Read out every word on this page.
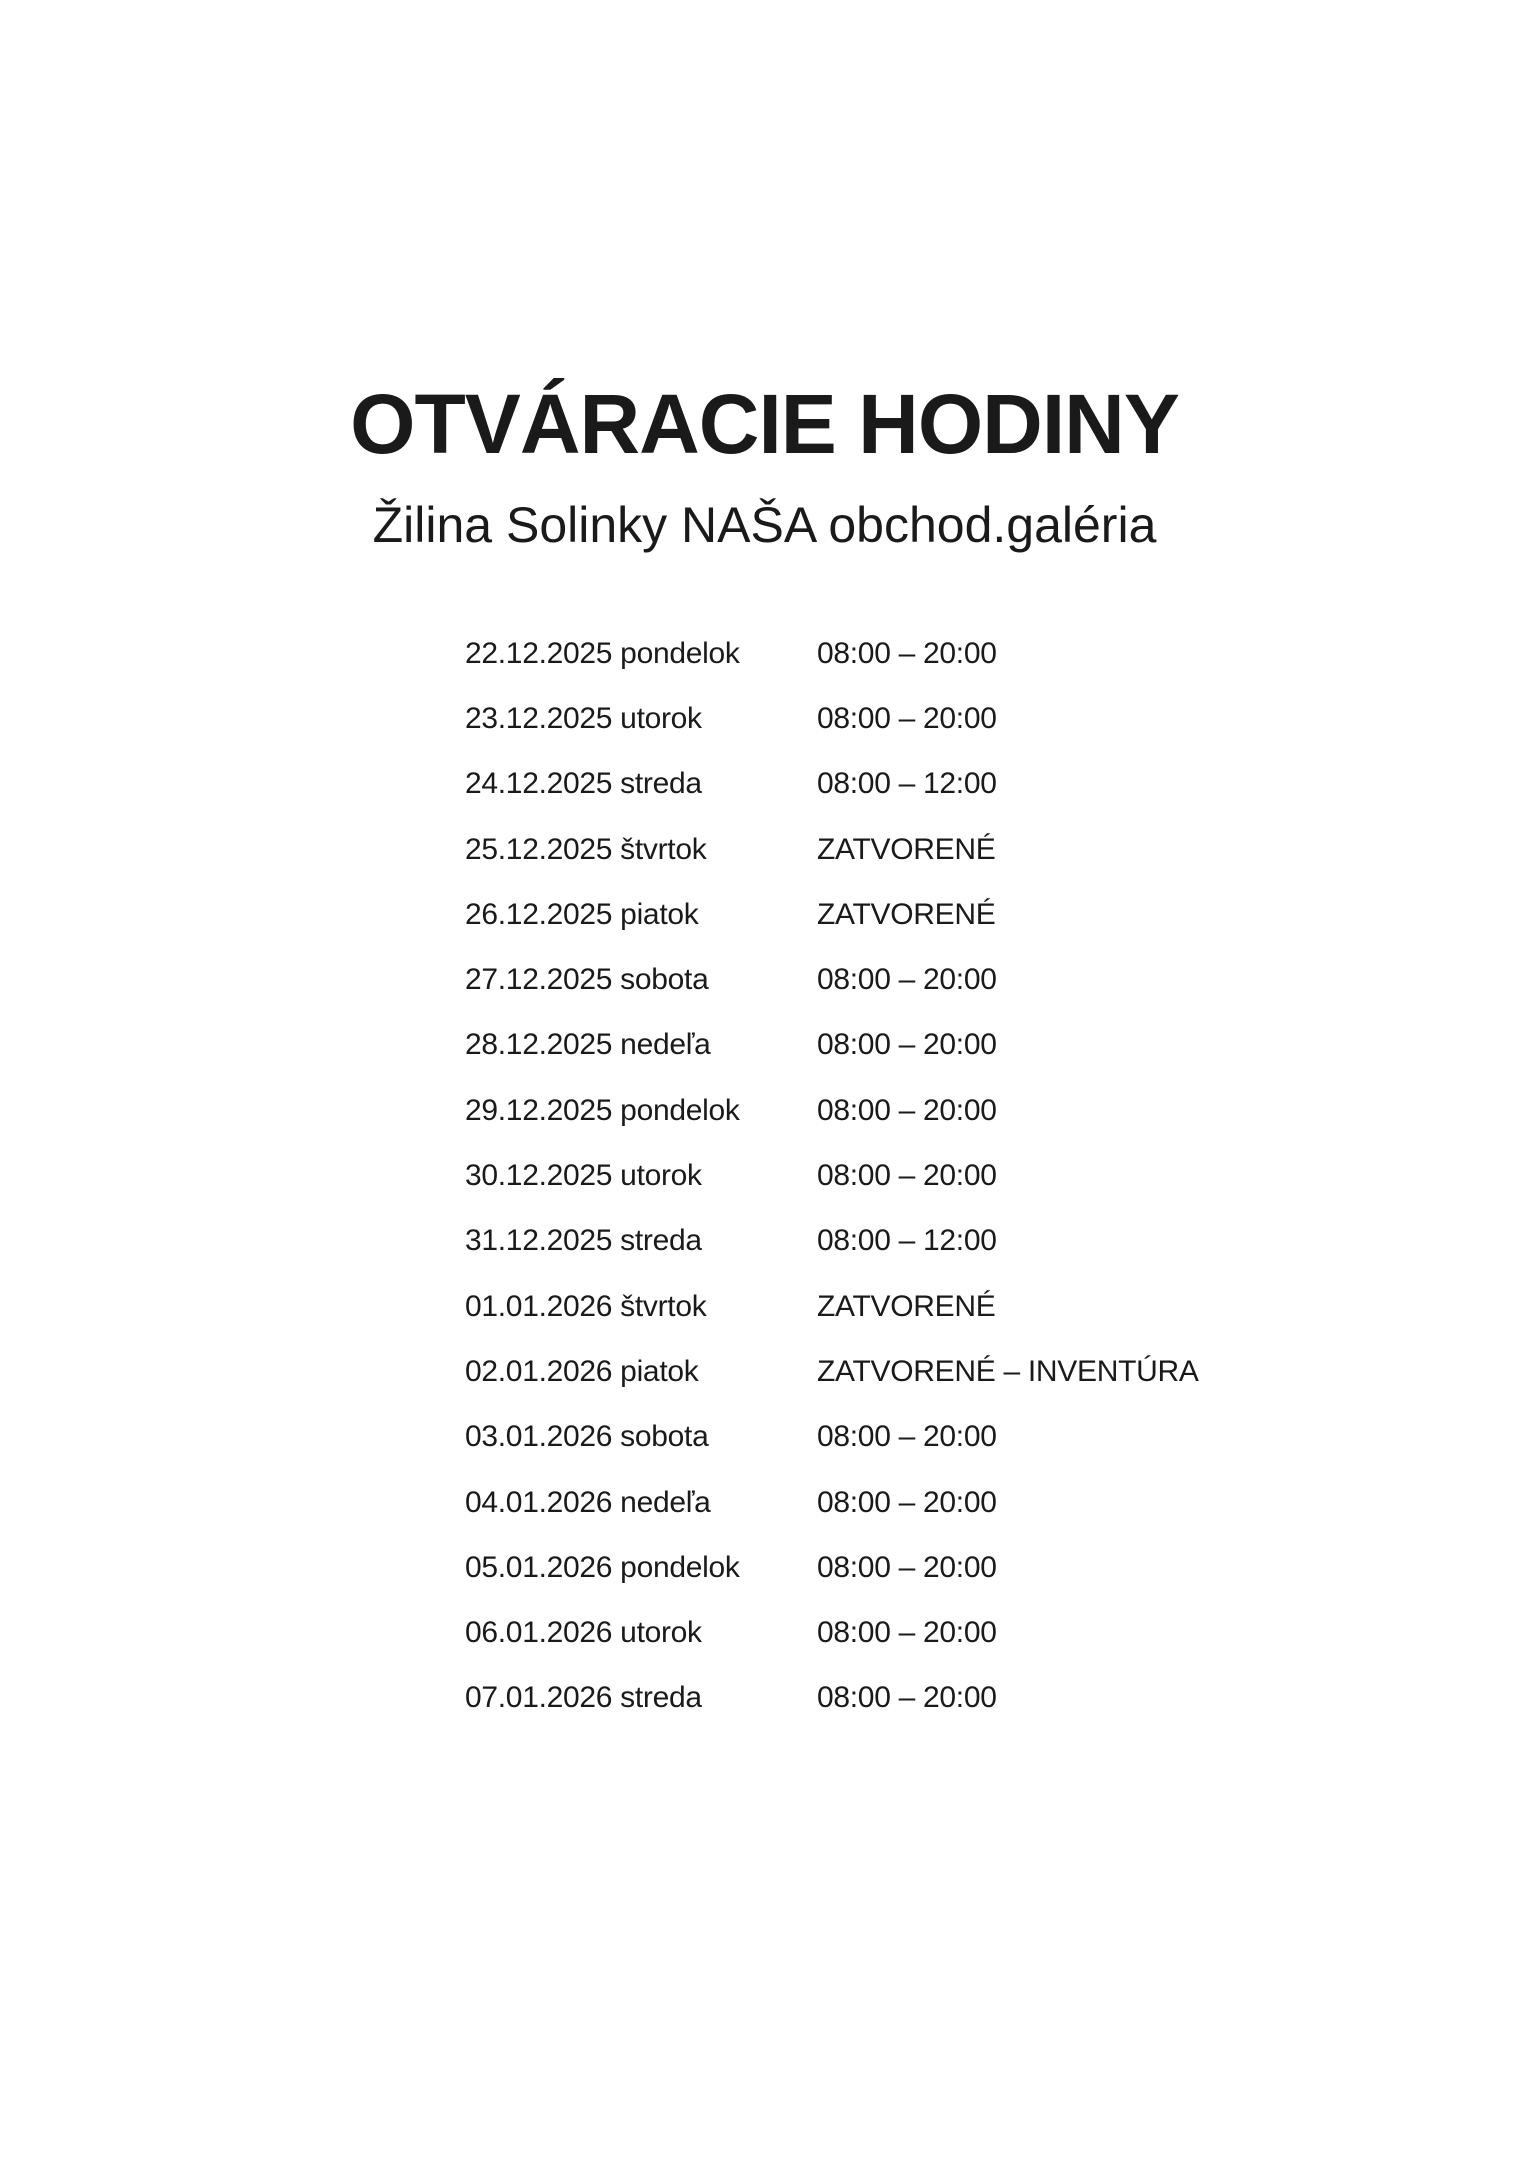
OTVÁRACIE HODINY
Žilina Solinky NAŠA obchod.galéria
22.12.2025 pondelok	08:00 – 20:00
23.12.2025 utorok	08:00 – 20:00
24.12.2025 streda	08:00 – 12:00
25.12.2025 štvrtok	ZATVORENÉ
26.12.2025 piatok	ZATVORENÉ
27.12.2025 sobota	08:00 – 20:00
28.12.2025 nedeľa	08:00 – 20:00
29.12.2025 pondelok	08:00 – 20:00
30.12.2025 utorok	08:00 – 20:00
31.12.2025 streda	08:00 – 12:00
01.01.2026 štvrtok	ZATVORENÉ
02.01.2026 piatok	ZATVORENÉ – INVENTÚRA
03.01.2026 sobota	08:00 – 20:00
04.01.2026 nedeľa	08:00 – 20:00
05.01.2026 pondelok	08:00 – 20:00
06.01.2026 utorok	08:00 – 20:00
07.01.2026 streda	08:00 – 20:00
